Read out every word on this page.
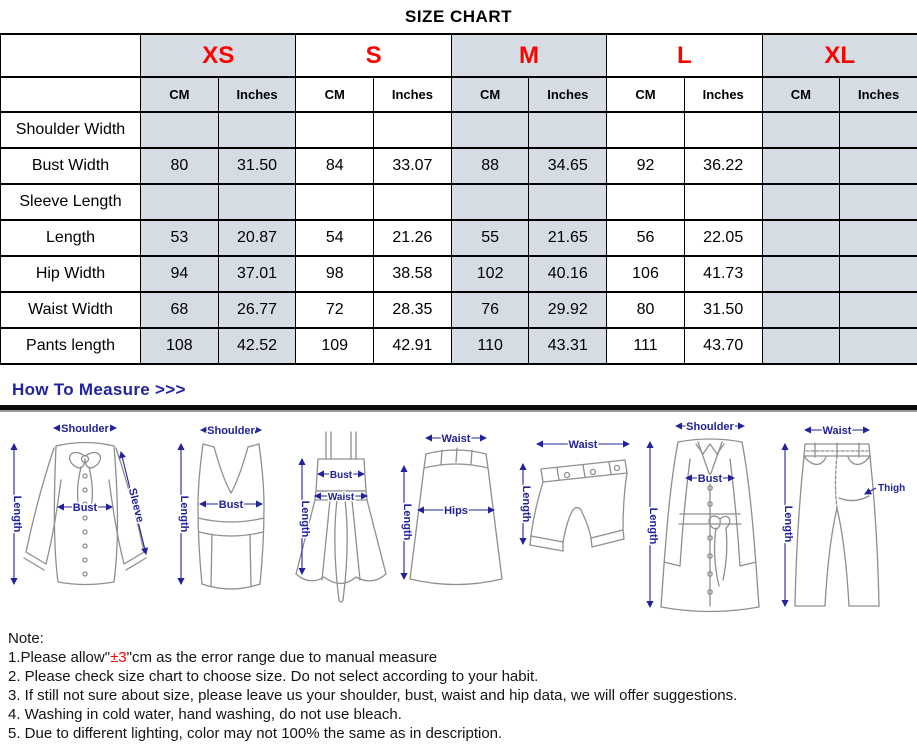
SIZE CHART
	XS		S		M		L		XL	
	CM	Inches	CM	Inches	CM	Inches	CM	Inches	CM	Inches
Shoulder Width										
Bust Width	80	31.50	84	33.07	88	34.65	92	36.22		
Sleeve Length										
Length	53	20.87	54	21.26	55	21.65	56	22.05		
Hip Width	94	37.01	98	38.58	102	40.16	106	41.73		
Waist Width	68	26.77	72	28.35	76	29.92	80	31.50		
Pants length	108	42.52	109	42.91	110	43.31	111	43.70		
How To Measure >>>
Shoulder
Length	Bust	Sleeve
Shoulder
Length	Bust
Bust
Waist
Length
Waist
Hips
Length
Waist
Length
Shoulder
Bust
Length
Waist
Length
Thigh
Note:
1.Please allow"±3"cm as the error range due to manual measure
2. Please check size chart to choose size. Do not select according to your habit.
3. If still not sure about size, please leave us your shoulder, bust, waist and hip data, we will offer suggestions.
4. Washing in cold water, hand washing, do not use bleach.
5. Due to different lighting, color may not 100% the same as in description.
